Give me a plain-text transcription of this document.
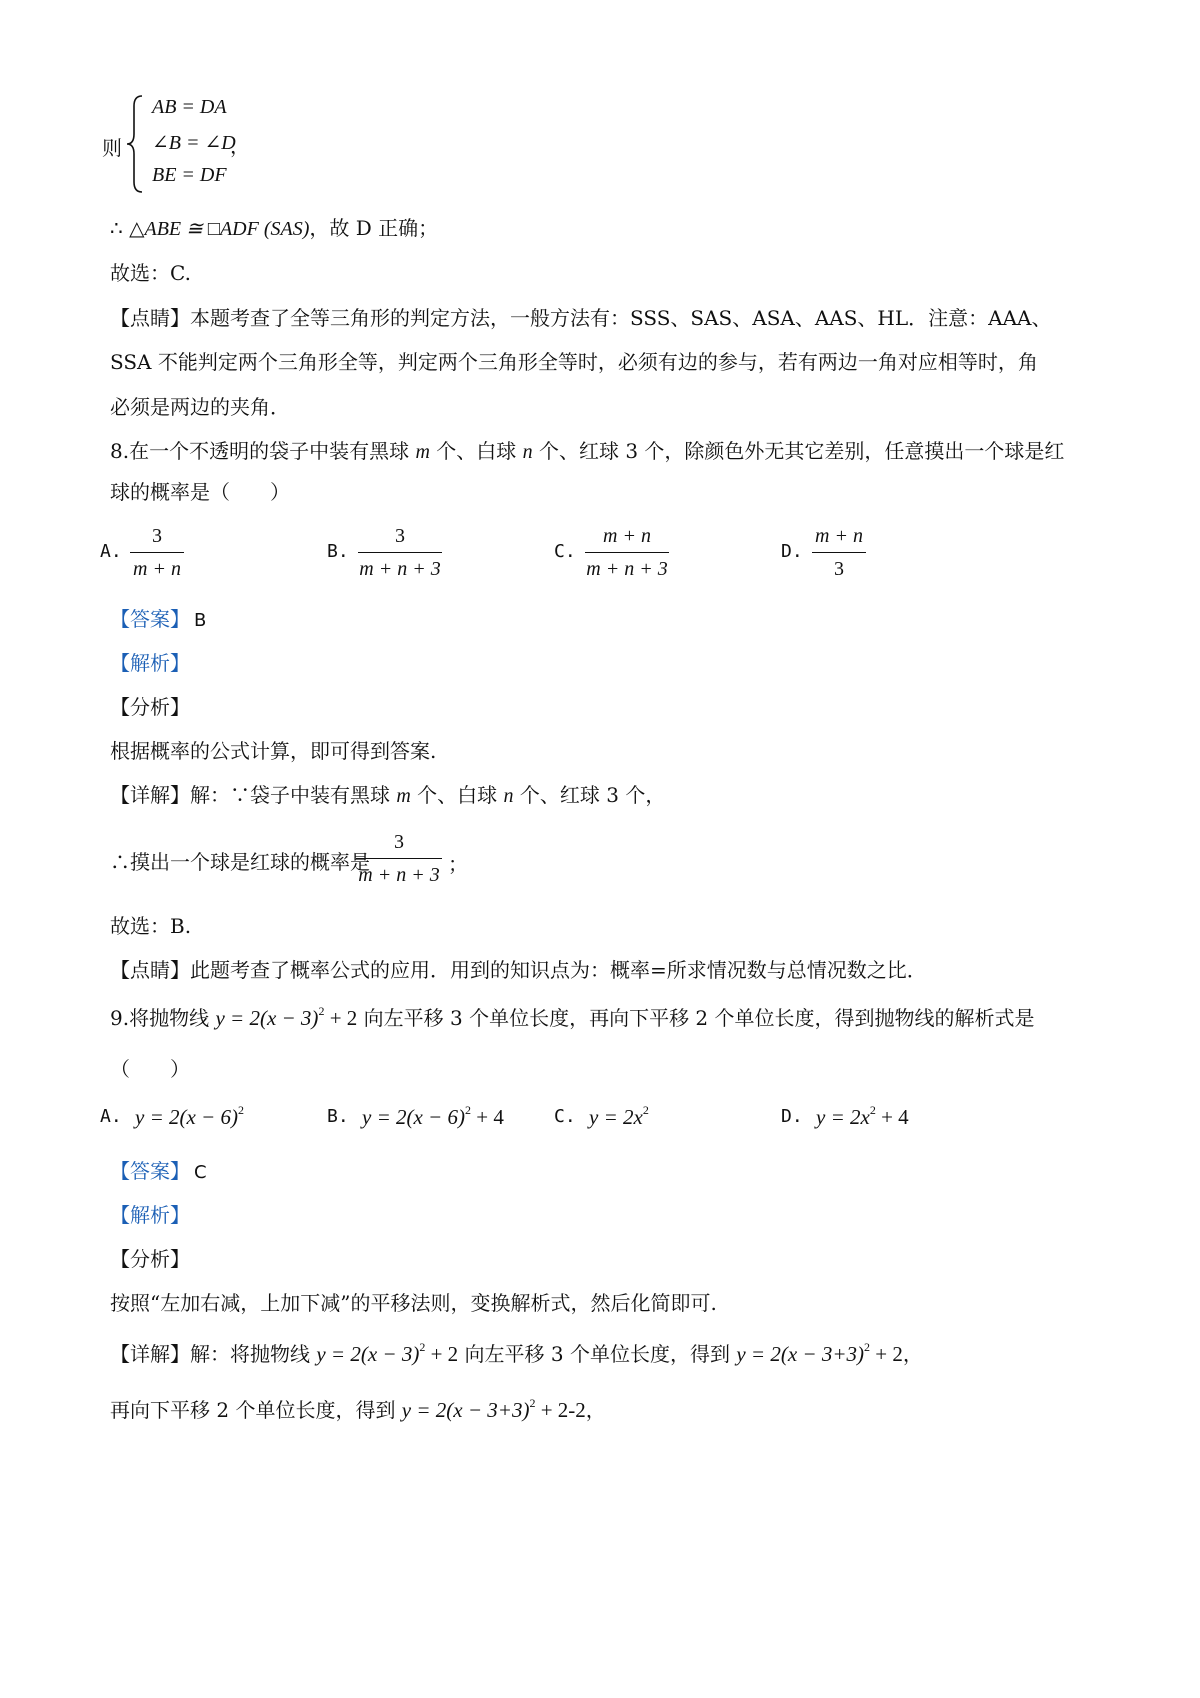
则
AB = DA
∠B = ∠D
，
BE = DF
∴ △ABE ≅ □ADF (SAS)，故 D 正确；
故选：C.
【点睛】本题考查了全等三角形的判定方法，一般方法有：SSS、SAS、ASA、AAS、HL．注意：AAA、
SSA 不能判定两个三角形全等，判定两个三角形全等时，必须有边的参与，若有两边一角对应相等时，角
必须是两边的夹角．
8.在一个不透明的袋子中装有黑球 m 个、白球 n 个、红球 3 个，除颜色外无其它差别，任意摸出一个球是红
球的概率是（　　）
A.
3
m + n
B.
3
m + n + 3
C.
m + n
m + n + 3
D.
m + n
3
【答案】 B
【解析】
【分析】
根据概率的公式计算，即可得到答案.
【详解】解：∵袋子中装有黑球 m 个、白球 n 个、红球 3 个，
∴摸出一个球是红球的概率是
3
m + n + 3 ；
故选：B.
【点睛】此题考查了概率公式的应用．用到的知识点为：概率=所求情况数与总情况数之比．
9.将抛物线 $y = 2(x - 3)^2 + 2$ 向左平移 3 个单位长度，再向下平移 2 个单位长度，得到抛物线的解析式是
（　　）
A. $y = 2(x - 6)^2$	B. $y = 2(x - 6)^2 + 4$	C. $y = 2x^2$	D. $y = 2x^2 + 4$
【答案】 C
【解析】
【分析】
按照“左加右减，上加下减”的平移法则，变换解析式，然后化简即可.
【详解】解：将抛物线 $y = 2(x - 3)^2 + 2$ 向左平移 3 个单位长度，得到 $y = 2(x - 3+3)^2 + 2$，
再向下平移 2 个单位长度，得到 $y = 2(x - 3+3)^2 + 2-2$，
